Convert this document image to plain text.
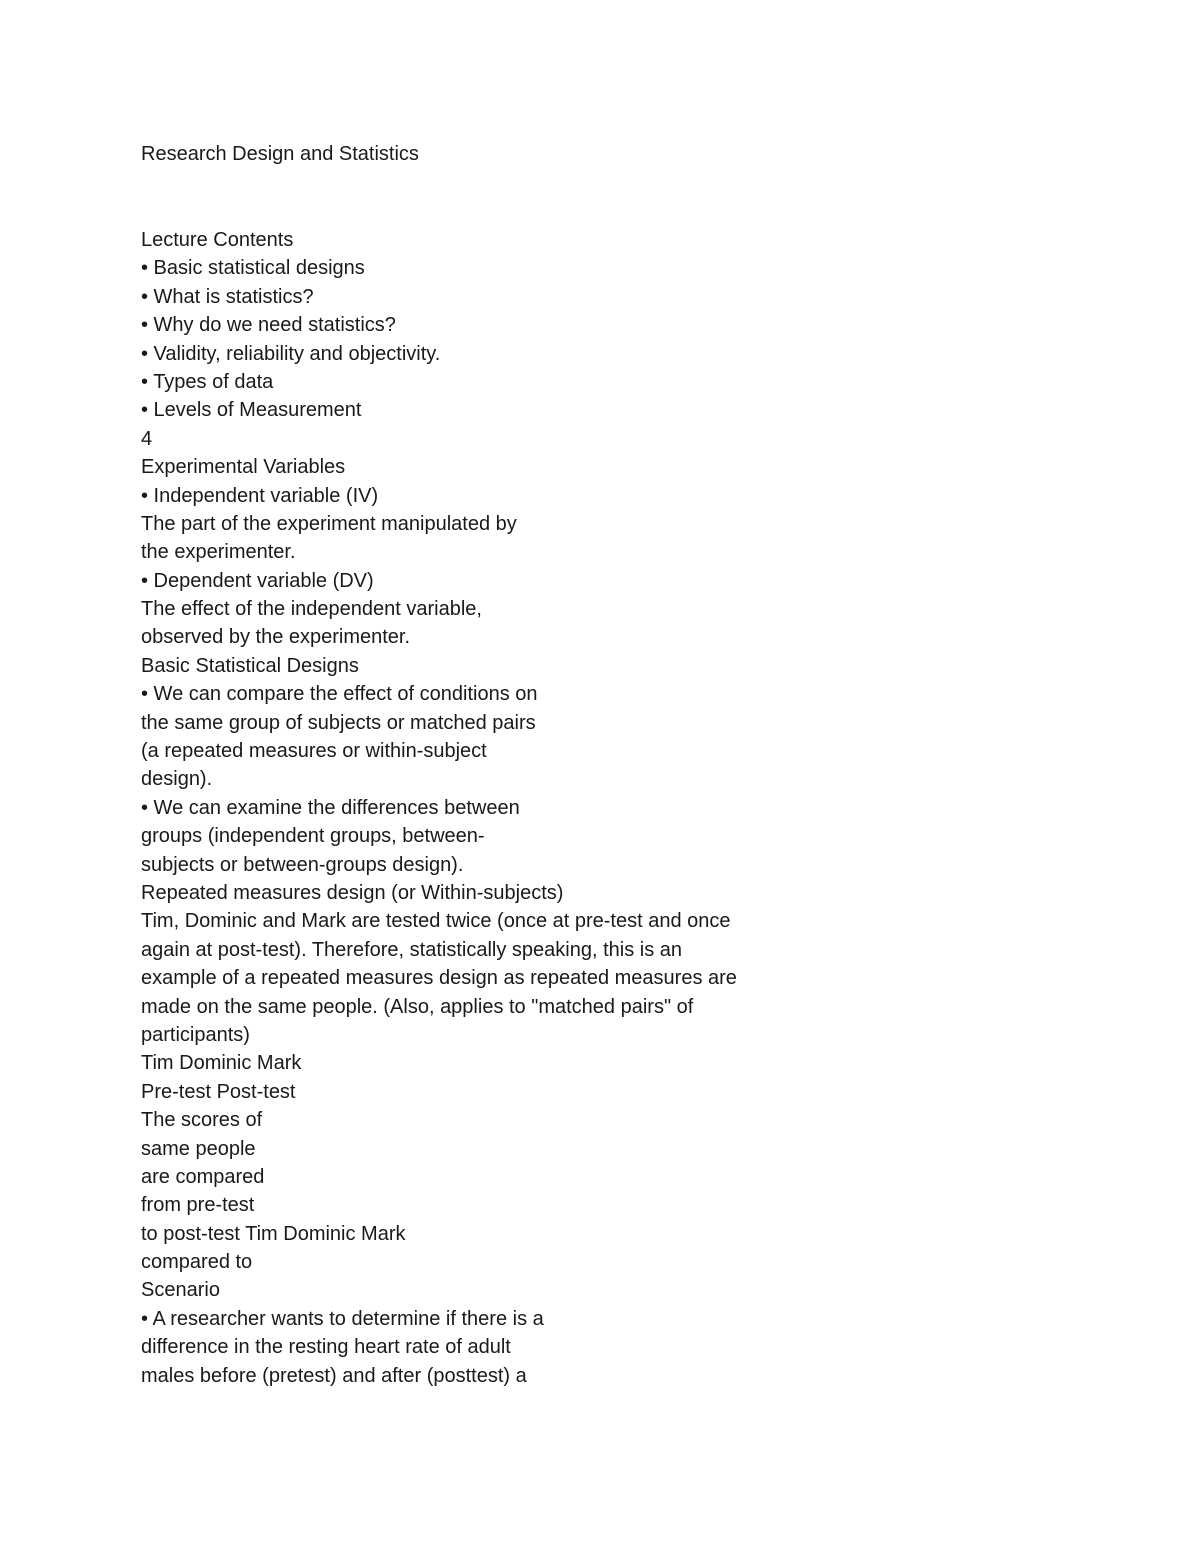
Research Design and Statistics
Lecture Contents
• Basic statistical designs
• What is statistics?
• Why do we need statistics?
• Validity, reliability and objectivity.
• Types of data
• Levels of Measurement
4
Experimental Variables
• Independent variable (IV)
The part of the experiment manipulated by
the experimenter.
• Dependent variable (DV)
The effect of the independent variable,
observed by the experimenter.
Basic Statistical Designs
• We can compare the effect of conditions on
the same group of subjects or matched pairs
(a repeated measures or within-subject
design).
• We can examine the differences between
groups (independent groups, between-
subjects or between-groups design).
Repeated measures design (or Within-subjects)
Tim, Dominic and Mark are tested twice (once at pre-test and once
again at post-test). Therefore, statistically speaking, this is an
example of a repeated measures design as repeated measures are
made on the same people. (Also, applies to "matched pairs" of
participants)
Tim Dominic Mark
Pre-test Post-test
The scores of
same people
are compared
from pre-test
to post-test Tim Dominic Mark
compared to
Scenario
• A researcher wants to determine if there is a
difference in the resting heart rate of adult
males before (pretest) and after (posttest) a
